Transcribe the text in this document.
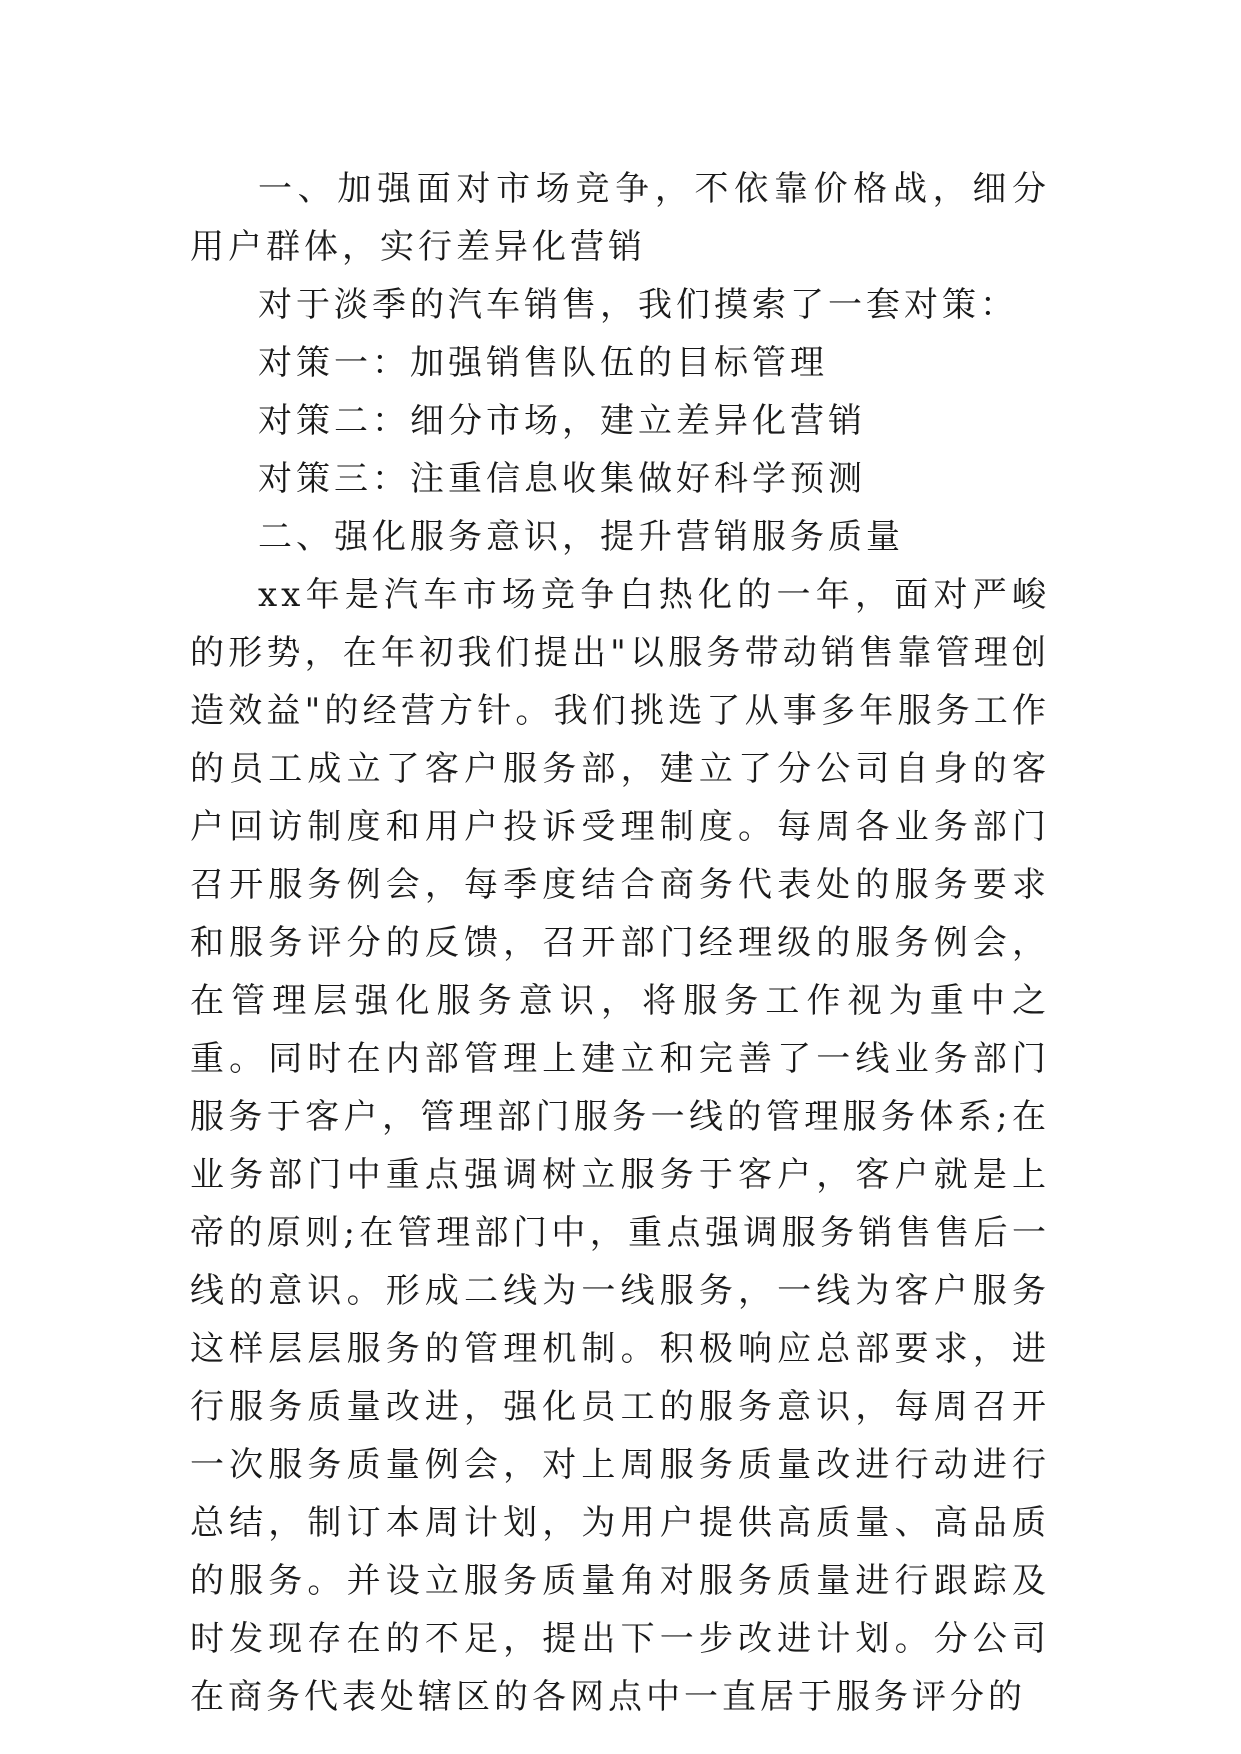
一、加强面对市场竞争，不依靠价格战，细分用户群体，实行差异化营销

对于淡季的汽车销售，我们摸索了一套对策：

对策一：加强销售队伍的目标管理

对策二：细分市场，建立差异化营销

对策三：注重信息收集做好科学预测

二、强化服务意识，提升营销服务质量

xx年是汽车市场竞争白热化的一年，面对严峻的形势，在年初我们提出"以服务带动销售靠管理创造效益"的经营方针。我们挑选了从事多年服务工作的员工成立了客户服务部，建立了分公司自身的客户回访制度和用户投诉受理制度。每周各业务部门召开服务例会，每季度结合商务代表处的服务要求和服务评分的反馈，召开部门经理级的服务例会，在管理层强化服务意识，将服务工作视为重中之重。同时在内部管理上建立和完善了一线业务部门服务于客户，管理部门服务一线的管理服务体系;在业务部门中重点强调树立服务于客户，客户就是上帝的原则;在管理部门中，重点强调服务销售售后一线的意识。形成二线为一线服务，一线为客户服务这样层层服务的管理机制。积极响应总部要求，进行服务质量改进，强化员工的服务意识，每周召开一次服务质量例会，对上周服务质量改进行动进行总结，制订本周计划，为用户提供高质量、高品质的服务。并设立服务质量角对服务质量进行跟踪及时发现存在的不足，提出下一步改进计划。分公司在商务代表处辖区的各网点中一直居于服务评分的
